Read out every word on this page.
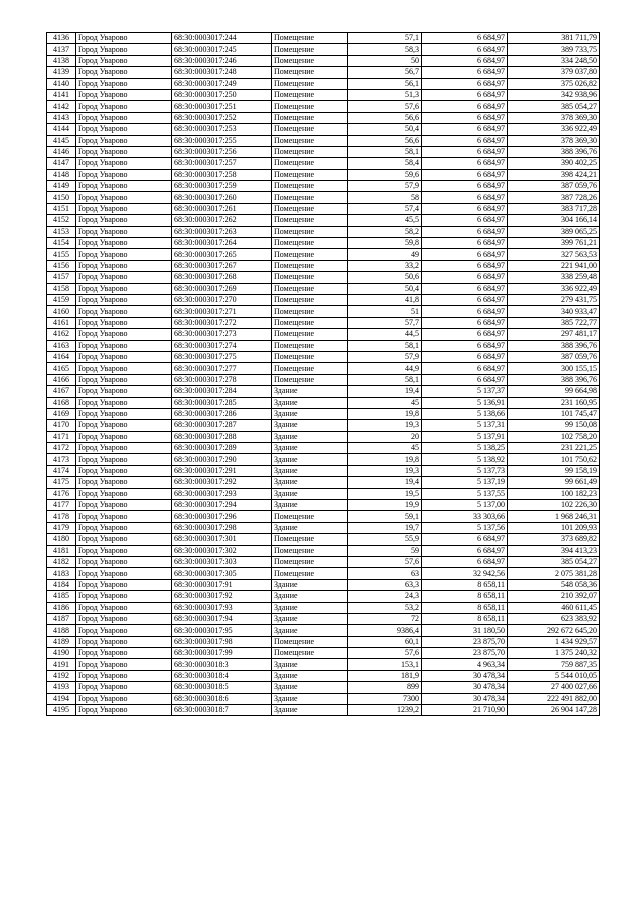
4136	Город Уварово	68:30:0003017:244	Помещение	57,1	6 684,97	381 711,79
4137	Город Уварово	68:30:0003017:245	Помещение	58,3	6 684,97	389 733,75
4138	Город Уварово	68:30:0003017:246	Помещение	50	6 684,97	334 248,50
4139	Город Уварово	68:30:0003017:248	Помещение	56,7	6 684,97	379 037,80
4140	Город Уварово	68:30:0003017:249	Помещение	56,1	6 684,97	375 026,82
4141	Город Уварово	68:30:0003017:250	Помещение	51,3	6 684,97	342 938,96
4142	Город Уварово	68:30:0003017:251	Помещение	57,6	6 684,97	385 054,27
4143	Город Уварово	68:30:0003017:252	Помещение	56,6	6 684,97	378 369,30
4144	Город Уварово	68:30:0003017:253	Помещение	50,4	6 684,97	336 922,49
4145	Город Уварово	68:30:0003017:255	Помещение	56,6	6 684,97	378 369,30
4146	Город Уварово	68:30:0003017:256	Помещение	58,1	6 684,97	388 396,76
4147	Город Уварово	68:30:0003017:257	Помещение	58,4	6 684,97	390 402,25
4148	Город Уварово	68:30:0003017:258	Помещение	59,6	6 684,97	398 424,21
4149	Город Уварово	68:30:0003017:259	Помещение	57,9	6 684,97	387 059,76
4150	Город Уварово	68:30:0003017:260	Помещение	58	6 684,97	387 728,26
4151	Город Уварово	68:30:0003017:261	Помещение	57,4	6 684,97	383 717,28
4152	Город Уварово	68:30:0003017:262	Помещение	45,5	6 684,97	304 166,14
4153	Город Уварово	68:30:0003017:263	Помещение	58,2	6 684,97	389 065,25
4154	Город Уварово	68:30:0003017:264	Помещение	59,8	6 684,97	399 761,21
4155	Город Уварово	68:30:0003017:265	Помещение	49	6 684,97	327 563,53
4156	Город Уварово	68:30:0003017:267	Помещение	33,2	6 684,97	221 941,00
4157	Город Уварово	68:30:0003017:268	Помещение	50,6	6 684,97	338 259,48
4158	Город Уварово	68:30:0003017:269	Помещение	50,4	6 684,97	336 922,49
4159	Город Уварово	68:30:0003017:270	Помещение	41,8	6 684,97	279 431,75
4160	Город Уварово	68:30:0003017:271	Помещение	51	6 684,97	340 933,47
4161	Город Уварово	68:30:0003017:272	Помещение	57,7	6 684,97	385 722,77
4162	Город Уварово	68:30:0003017:273	Помещение	44,5	6 684,97	297 481,17
4163	Город Уварово	68:30:0003017:274	Помещение	58,1	6 684,97	388 396,76
4164	Город Уварово	68:30:0003017:275	Помещение	57,9	6 684,97	387 059,76
4165	Город Уварово	68:30:0003017:277	Помещение	44,9	6 684,97	300 155,15
4166	Город Уварово	68:30:0003017:278	Помещение	58,1	6 684,97	388 396,76
4167	Город Уварово	68:30:0003017:284	Здание	19,4	5 137,37	99 664,98
4168	Город Уварово	68:30:0003017:285	Здание	45	5 136,91	231 160,95
4169	Город Уварово	68:30:0003017:286	Здание	19,8	5 138,66	101 745,47
4170	Город Уварово	68:30:0003017:287	Здание	19,3	5 137,31	99 150,08
4171	Город Уварово	68:30:0003017:288	Здание	20	5 137,91	102 758,20
4172	Город Уварово	68:30:0003017:289	Здание	45	5 138,25	231 221,25
4173	Город Уварово	68:30:0003017:290	Здание	19,8	5 138,92	101 750,62
4174	Город Уварово	68:30:0003017:291	Здание	19,3	5 137,73	99 158,19
4175	Город Уварово	68:30:0003017:292	Здание	19,4	5 137,19	99 661,49
4176	Город Уварово	68:30:0003017:293	Здание	19,5	5 137,55	100 182,23
4177	Город Уварово	68:30:0003017:294	Здание	19,9	5 137,00	102 226,30
4178	Город Уварово	68:30:0003017:296	Помещение	59,1	33 303,66	1 968 246,31
4179	Город Уварово	68:30:0003017:298	Здание	19,7	5 137,56	101 209,93
4180	Город Уварово	68:30:0003017:301	Помещение	55,9	6 684,97	373 689,82
4181	Город Уварово	68:30:0003017:302	Помещение	59	6 684,97	394 413,23
4182	Город Уварово	68:30:0003017:303	Помещение	57,6	6 684,97	385 054,27
4183	Город Уварово	68:30:0003017:305	Помещение	63	32 942,56	2 075 381,28
4184	Город Уварово	68:30:0003017:91	Здание	63,3	8 658,11	548 058,36
4185	Город Уварово	68:30:0003017:92	Здание	24,3	8 658,11	210 392,07
4186	Город Уварово	68:30:0003017:93	Здание	53,2	8 658,11	460 611,45
4187	Город Уварово	68:30:0003017:94	Здание	72	8 658,11	623 383,92
4188	Город Уварово	68:30:0003017:95	Здание	9386,4	31 180,50	292 672 645,20
4189	Город Уварово	68:30:0003017:98	Помещение	60,1	23 875,70	1 434 929,57
4190	Город Уварово	68:30:0003017:99	Помещение	57,6	23 875,70	1 375 240,32
4191	Город Уварово	68:30:0003018:3	Здание	153,1	4 963,34	759 887,35
4192	Город Уварово	68:30:0003018:4	Здание	181,9	30 478,34	5 544 010,05
4193	Город Уварово	68:30:0003018:5	Здание	899	30 478,34	27 400 027,66
4194	Город Уварово	68:30:0003018:6	Здание	7300	30 478,34	222 491 882,00
4195	Город Уварово	68:30:0003018:7	Здание	1239,2	21 710,90	26 904 147,28
